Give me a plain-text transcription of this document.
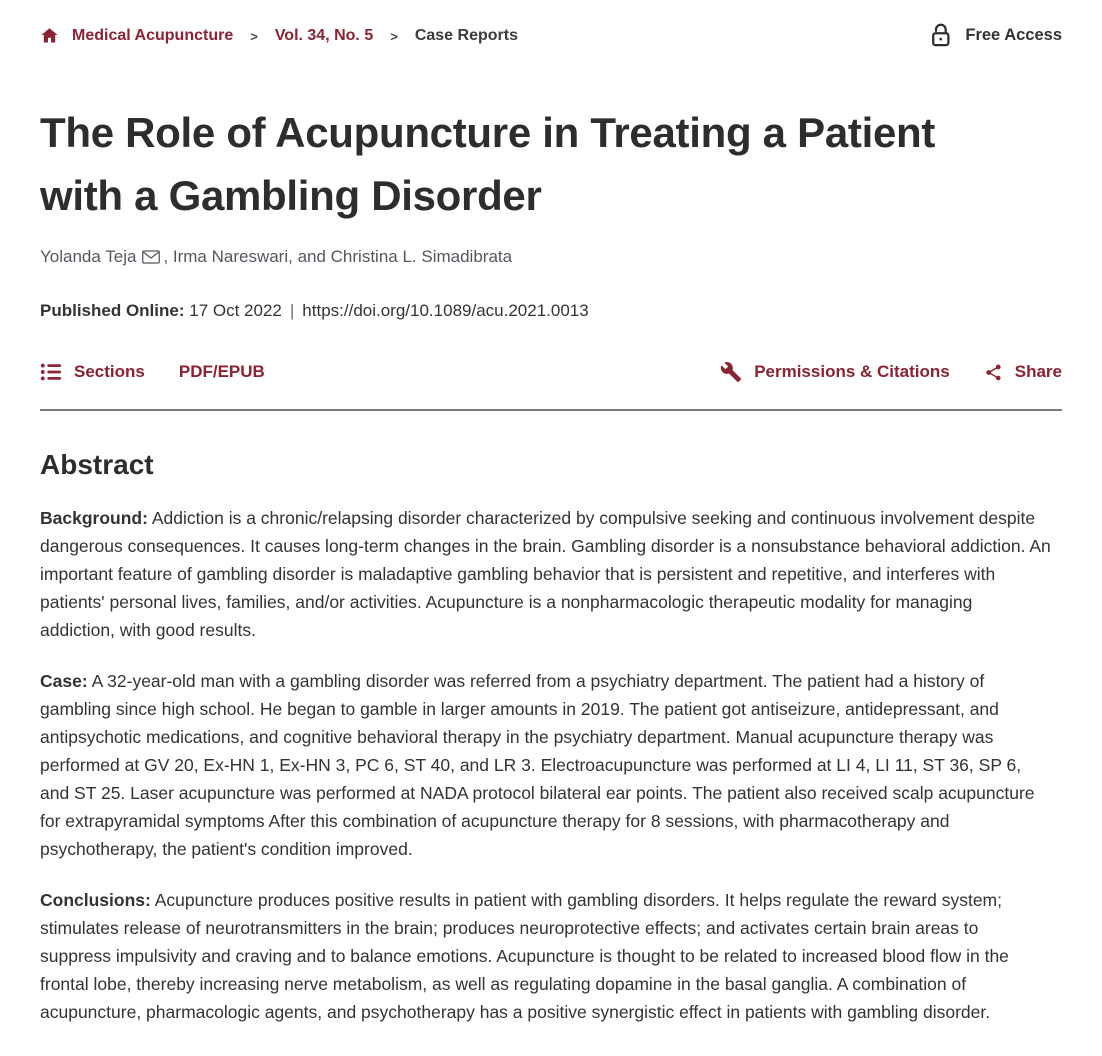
Medical Acupuncture > Vol. 34, No. 5 > Case Reports	Free Access
The Role of Acupuncture in Treating a Patient with a Gambling Disorder
Yolanda Teja , Irma Nareswari, and Christina L. Simadibrata
Published Online: 17 Oct 2022 | https://doi.org/10.1089/acu.2021.0013
Sections PDF/EPUB	Permissions & Citations	Share
Abstract

Background: Addiction is a chronic/relapsing disorder characterized by compulsive seeking and continuous involvement despite dangerous consequences. It causes long-term changes in the brain. Gambling disorder is a nonsubstance behavioral addiction. An important feature of gambling disorder is maladaptive gambling behavior that is persistent and repetitive, and interferes with patients' personal lives, families, and/or activities. Acupuncture is a nonpharmacologic therapeutic modality for managing addiction, with good results.

Case: A 32-year-old man with a gambling disorder was referred from a psychiatry department. The patient had a history of gambling since high school. He began to gamble in larger amounts in 2019. The patient got antiseizure, antidepressant, and antipsychotic medications, and cognitive behavioral therapy in the psychiatry department. Manual acupuncture therapy was performed at GV 20, Ex-HN 1, Ex-HN 3, PC 6, ST 40, and LR 3. Electroacupuncture was performed at LI 4, LI 11, ST 36, SP 6, and ST 25. Laser acupuncture was performed at NADA protocol bilateral ear points. The patient also received scalp acupuncture for extrapyramidal symptoms After this combination of acupuncture therapy for 8 sessions, with pharmacotherapy and psychotherapy, the patient's condition improved.

Conclusions: Acupuncture produces positive results in patient with gambling disorders. It helps regulate the reward system; stimulates release of neurotransmitters in the brain; produces neuroprotective effects; and activates certain brain areas to suppress impulsivity and craving and to balance emotions. Acupuncture is thought to be related to increased blood flow in the frontal lobe, thereby increasing nerve metabolism, as well as regulating dopamine in the basal ganglia. A combination of acupuncture, pharmacologic agents, and psychotherapy has a positive synergistic effect in patients with gambling disorder.
